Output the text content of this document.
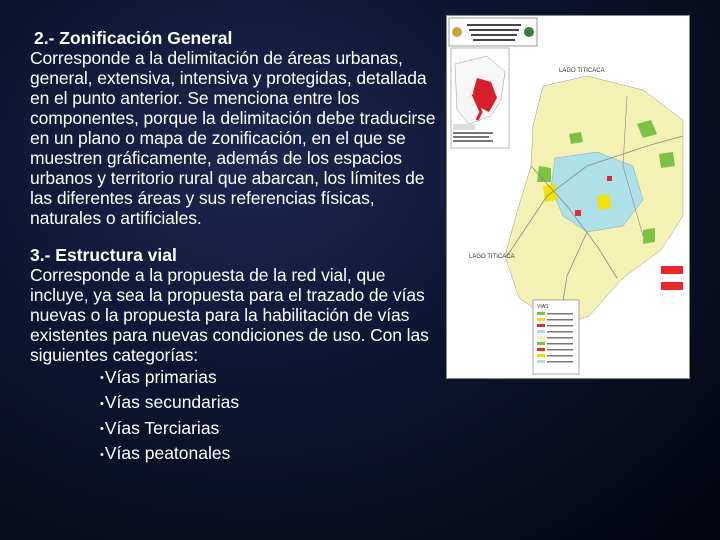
2.- Zonificación General

Corresponde a la delimitación de áreas urbanas, general, extensiva, intensiva y protegidas, detallada en el punto anterior. Se menciona entre los componentes, porque la delimitación debe traducirse en un plano o mapa de zonificación, en el que se muestren gráficamente, además de los espacios urbanos y territorio rural que abarcan, los límites de las diferentes áreas y sus referencias físicas, naturales o artificiales.

3.- Estructura vial

Corresponde a la propuesta de la red vial, que incluye, ya sea la propuesta para el trazado de vías nuevas o la propuesta para la habilitación de vías existentes para nuevas condiciones de uso. Con las siguientes categorías:

•Vías primarias
•Vías secundarias
•Vías Terciarias
•Vías peatonales
LAGO TITICACA
LAGO TITICACA
VIAS
